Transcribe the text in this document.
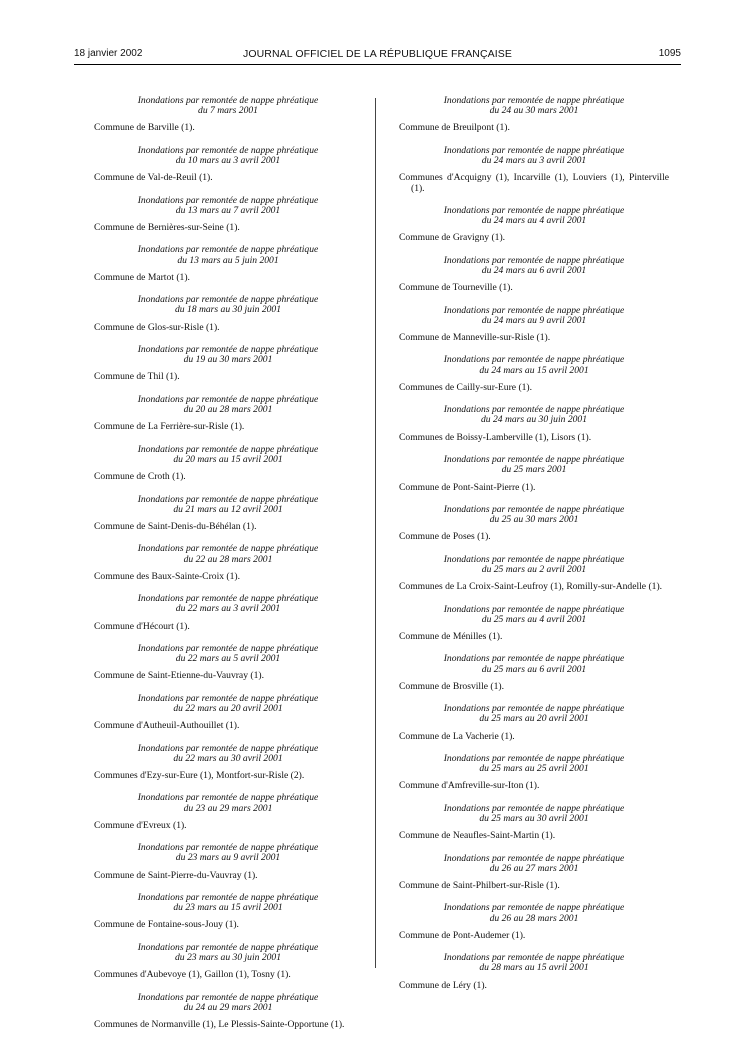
18 janvier 2002	JOURNAL OFFICIEL DE LA RÉPUBLIQUE FRANÇAISE	1095

Inondations par remontée de nappe phréatique
du 7 mars 2001

Commune de Barville (1).

Inondations par remontée de nappe phréatique
du 10 mars au 3 avril 2001

Commune de Val-de-Reuil (1).

Inondations par remontée de nappe phréatique
du 13 mars au 7 avril 2001

Commune de Bernières-sur-Seine (1).

Inondations par remontée de nappe phréatique
du 13 mars au 5 juin 2001

Commune de Martot (1).

Inondations par remontée de nappe phréatique
du 18 mars au 30 juin 2001

Commune de Glos-sur-Risle (1).

Inondations par remontée de nappe phréatique
du 19 au 30 mars 2001

Commune de Thil (1).

Inondations par remontée de nappe phréatique
du 20 au 28 mars 2001

Commune de La Ferrière-sur-Risle (1).

Inondations par remontée de nappe phréatique
du 20 mars au 15 avril 2001

Commune de Croth (1).

Inondations par remontée de nappe phréatique
du 21 mars au 12 avril 2001

Commune de Saint-Denis-du-Béhélan (1).

Inondations par remontée de nappe phréatique
du 22 au 28 mars 2001

Commune des Baux-Sainte-Croix (1).

Inondations par remontée de nappe phréatique
du 22 mars au 3 avril 2001

Commune d'Hécourt (1).

Inondations par remontée de nappe phréatique
du 22 mars au 5 avril 2001

Commune de Saint-Etienne-du-Vauvray (1).

Inondations par remontée de nappe phréatique
du 22 mars au 20 avril 2001

Commune d'Autheuil-Authouillet (1).

Inondations par remontée de nappe phréatique
du 22 mars au 30 avril 2001

Communes d'Ezy-sur-Eure (1), Montfort-sur-Risle (2).

Inondations par remontée de nappe phréatique
du 23 au 29 mars 2001

Commune d'Evreux (1).

Inondations par remontée de nappe phréatique
du 23 mars au 9 avril 2001

Commune de Saint-Pierre-du-Vauvray (1).

Inondations par remontée de nappe phréatique
du 23 mars au 15 avril 2001

Commune de Fontaine-sous-Jouy (1).

Inondations par remontée de nappe phréatique
du 23 mars au 30 juin 2001

Communes d'Aubevoye (1), Gaillon (1), Tosny (1).

Inondations par remontée de nappe phréatique
du 24 au 29 mars 2001

Communes de Normanville (1), Le Plessis-Sainte-Opportune (1).

Inondations par remontée de nappe phréatique
du 24 au 30 mars 2001

Commune de Breuilpont (1).

Inondations par remontée de nappe phréatique
du 24 mars au 3 avril 2001

Communes d'Acquigny (1), Incarville (1), Louviers (1), Pinterville (1).

Inondations par remontée de nappe phréatique
du 24 mars au 4 avril 2001

Commune de Gravigny (1).

Inondations par remontée de nappe phréatique
du 24 mars au 6 avril 2001

Commune de Tourneville (1).

Inondations par remontée de nappe phréatique
du 24 mars au 9 avril 2001

Commune de Manneville-sur-Risle (1).

Inondations par remontée de nappe phréatique
du 24 mars au 15 avril 2001

Communes de Cailly-sur-Eure (1).

Inondations par remontée de nappe phréatique
du 24 mars au 30 juin 2001

Communes de Boissy-Lamberville (1), Lisors (1).

Inondations par remontée de nappe phréatique
du 25 mars 2001

Commune de Pont-Saint-Pierre (1).

Inondations par remontée de nappe phréatique
du 25 au 30 mars 2001

Commune de Poses (1).

Inondations par remontée de nappe phréatique
du 25 mars au 2 avril 2001

Communes de La Croix-Saint-Leufroy (1), Romilly-sur-Andelle (1).

Inondations par remontée de nappe phréatique
du 25 mars au 4 avril 2001

Commune de Ménilles (1).

Inondations par remontée de nappe phréatique
du 25 mars au 6 avril 2001

Commune de Brosville (1).

Inondations par remontée de nappe phréatique
du 25 mars au 20 avril 2001

Commune de La Vacherie (1).

Inondations par remontée de nappe phréatique
du 25 mars au 25 avril 2001

Commune d'Amfreville-sur-Iton (1).

Inondations par remontée de nappe phréatique
du 25 mars au 30 avril 2001

Commune de Neaufles-Saint-Martin (1).

Inondations par remontée de nappe phréatique
du 26 au 27 mars 2001

Commune de Saint-Philbert-sur-Risle (1).

Inondations par remontée de nappe phréatique
du 26 au 28 mars 2001

Commune de Pont-Audemer (1).

Inondations par remontée de nappe phréatique
du 28 mars au 15 avril 2001

Commune de Léry (1).
